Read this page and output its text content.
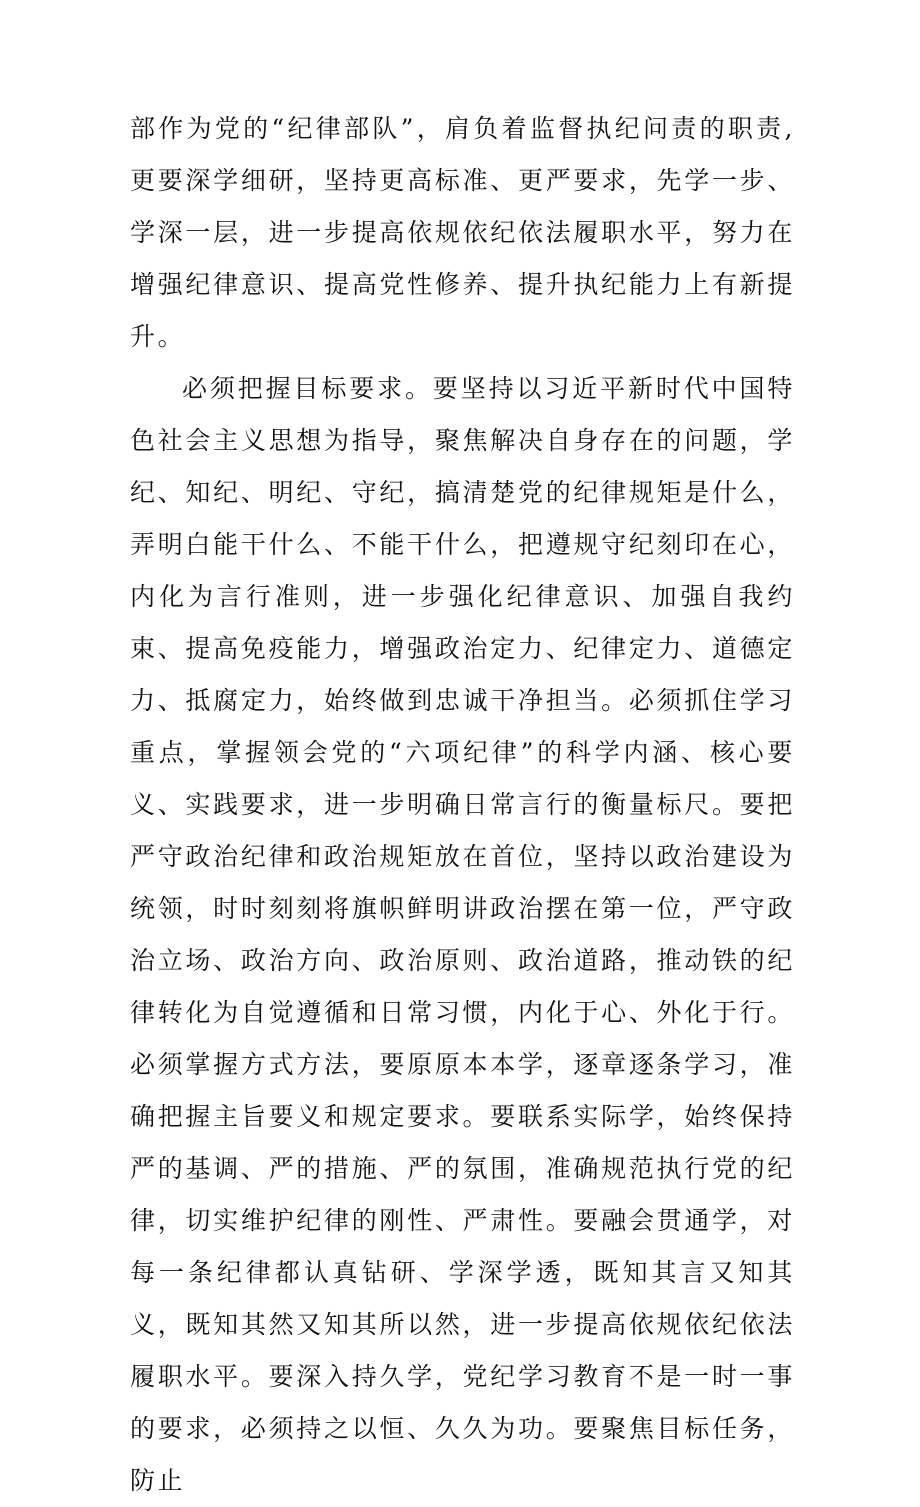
部作为党的“纪律部队”，肩负着监督执纪问责的职责,更要深学细研，坚持更高标准、更严要求，先学一步、学深一层，进一步提高依规依纪依法履职水平，努力在增强纪律意识、提高党性修养、提升执纪能力上有新提升。

必须把握目标要求。要坚持以习近平新时代中国特色社会主义思想为指导，聚焦解决自身存在的问题，学纪、知纪、明纪、守纪，搞清楚党的纪律规矩是什么，弄明白能干什么、不能干什么，把遵规守纪刻印在心，内化为言行准则，进一步强化纪律意识、加强自我约束、提高免疫能力，增强政治定力、纪律定力、道德定力、抵腐定力，始终做到忠诚干净担当。必须抓住学习重点，掌握领会党的“六项纪律”的科学内涵、核心要义、实践要求，进一步明确日常言行的衡量标尺。要把严守政治纪律和政治规矩放在首位，坚持以政治建设为统领，时时刻刻将旗帜鲜明讲政治摆在第一位，严守政治立场、政治方向、政治原则、政治道路，推动铁的纪律转化为自觉遵循和日常习惯，内化于心、外化于行。必须掌握方式方法，要原原本本学，逐章逐条学习，准确把握主旨要义和规定要求。要联系实际学，始终保持严的基调、严的措施、严的氛围，准确规范执行党的纪律，切实维护纪律的刚性、严肃性。要融会贯通学，对每一条纪律都认真钻研、学深学透，既知其言又知其义，既知其然又知其所以然，进一步提高依规依纪依法履职水平。要深入持久学，党纪学习教育不是一时一事的要求，必须持之以恒、久久为功。要聚焦目标任务，防止
